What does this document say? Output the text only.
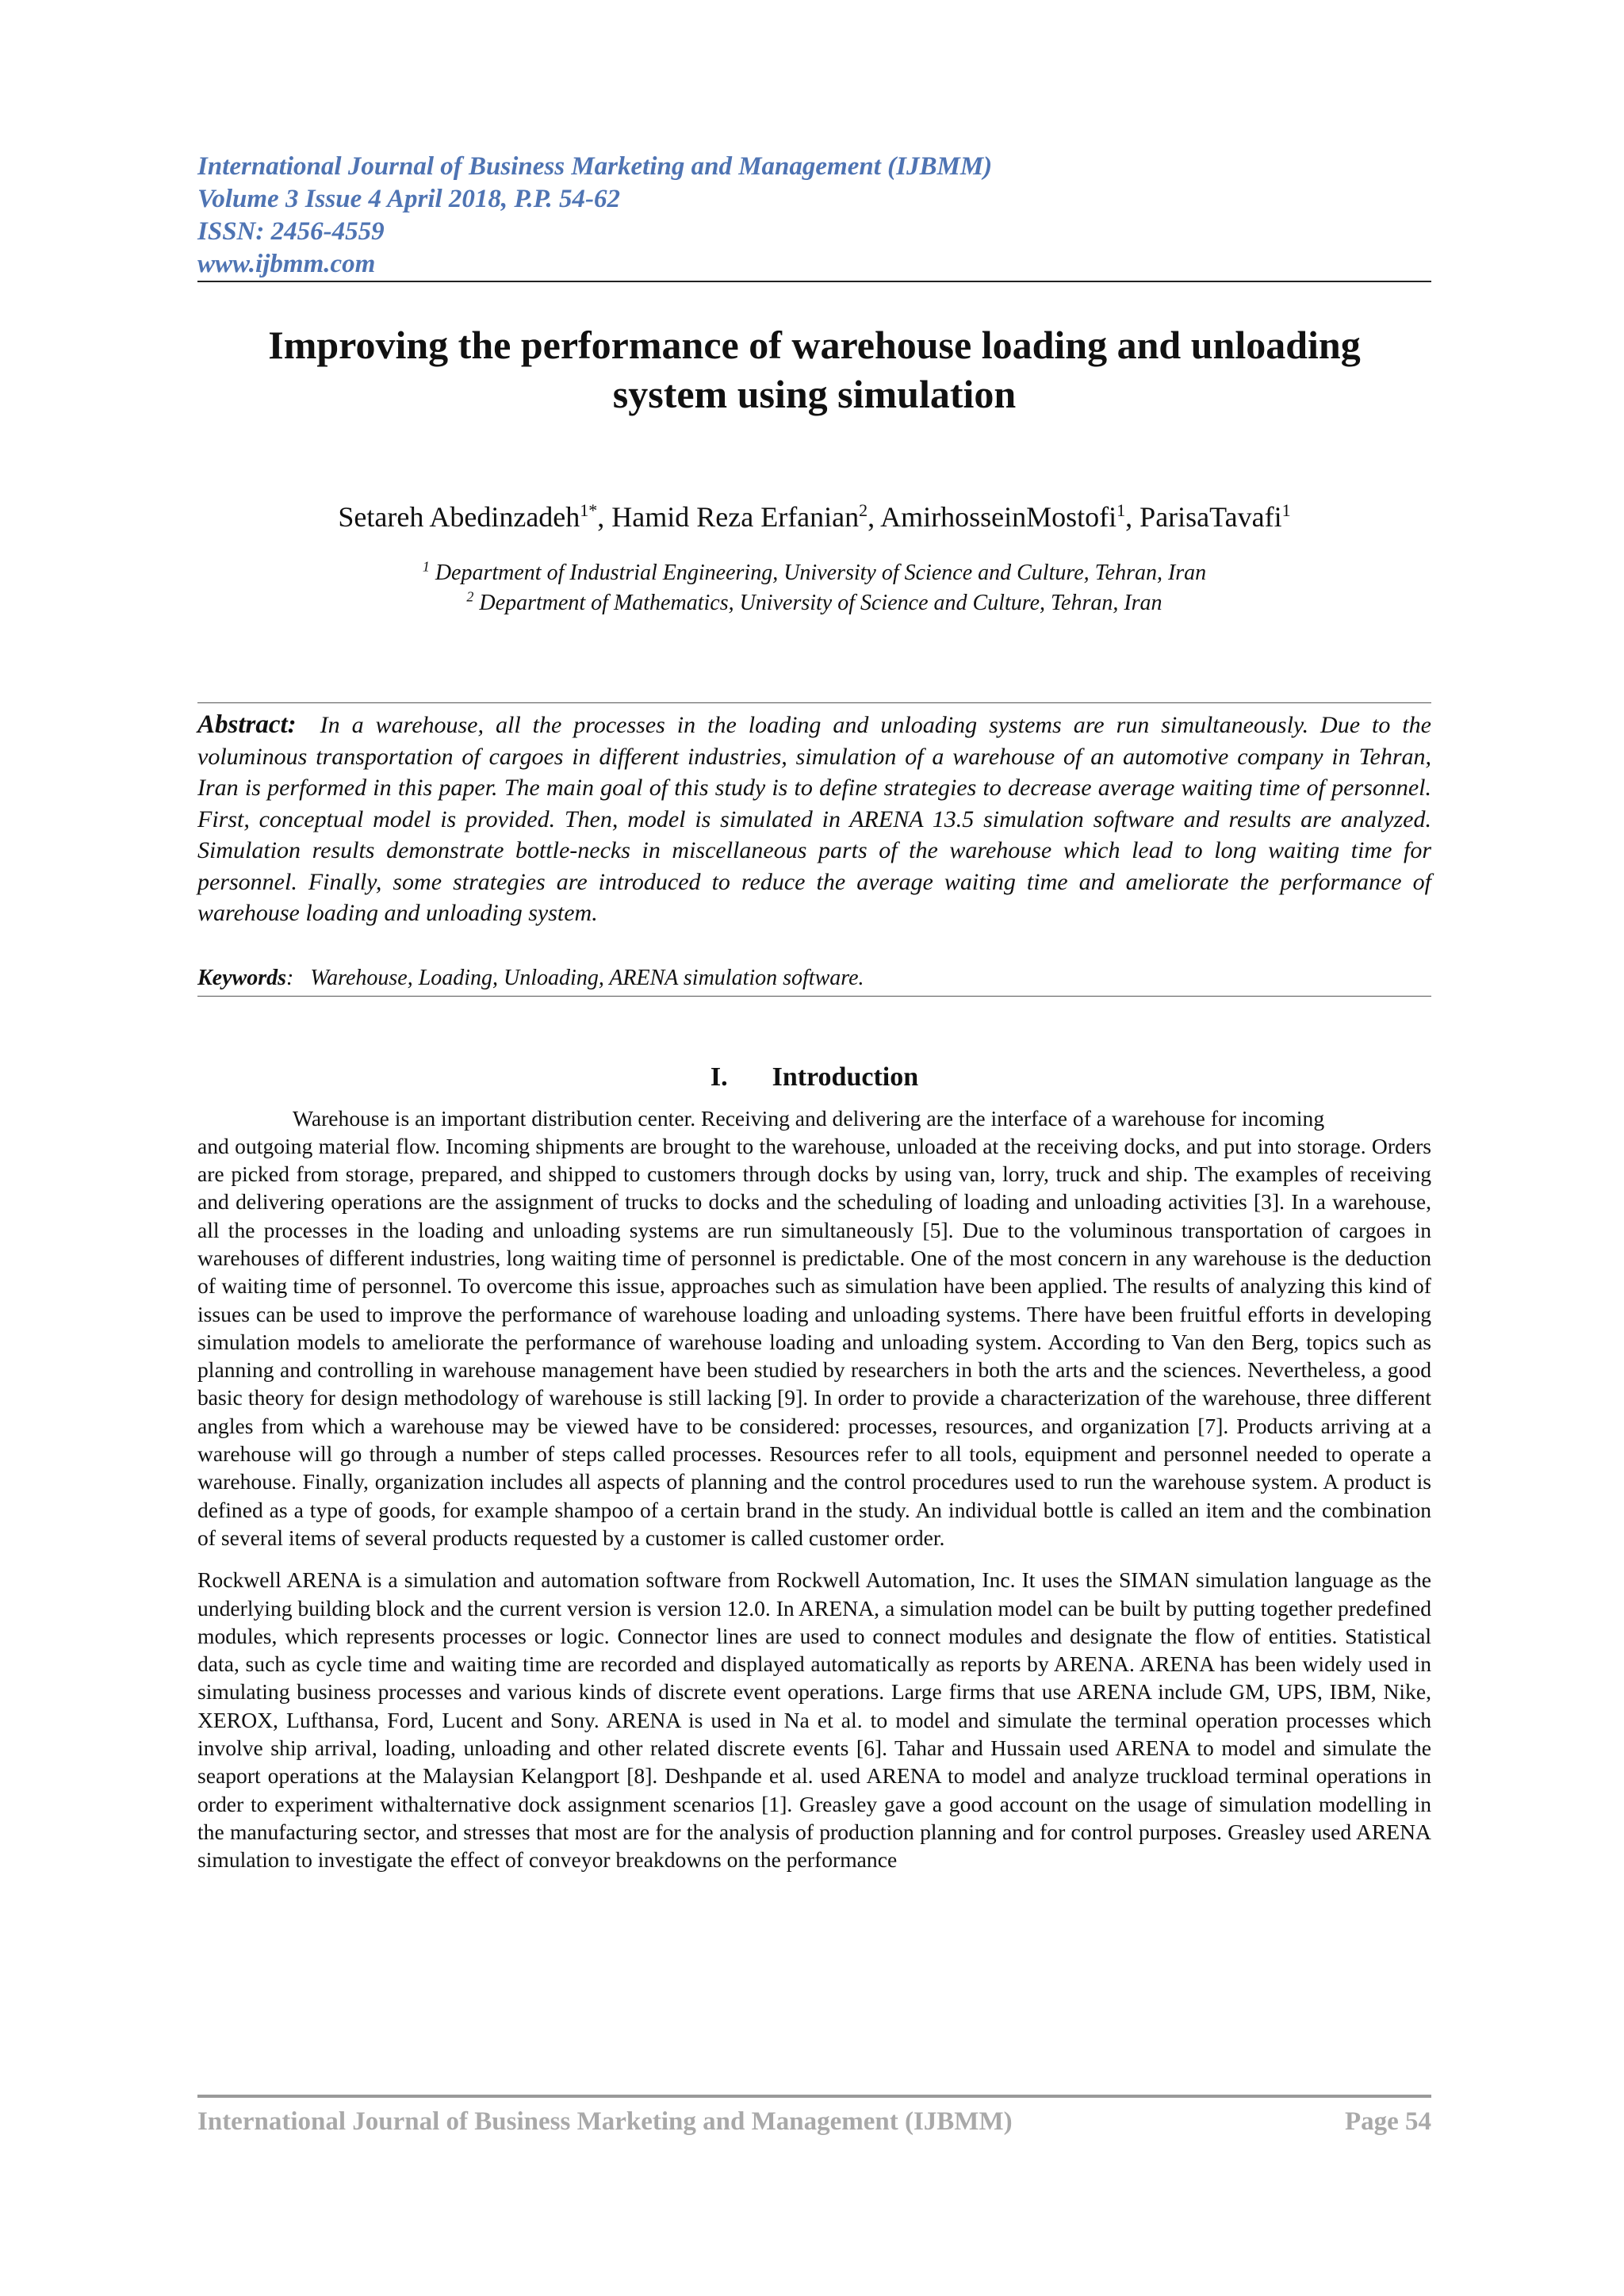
International Journal of Business Marketing and Management (IJBMM)
Volume 3 Issue 4 April 2018, P.P. 54-62
ISSN: 2456-4559
www.ijbmm.com
Improving the performance of warehouse loading and unloading
system using simulation
Setareh Abedinzadeh$^{1*}$, Hamid Reza Erfanian$^2$, AmirhosseinMostofi$^1$, ParisaTavafi$^1$
$^1$ Department of Industrial Engineering, University of Science and Culture, Tehran, Iran
$^2$ Department of Mathematics, University of Science and Culture, Tehran, Iran

Abstract: In a warehouse, all the processes in the loading and unloading systems are run simultaneously. Due to the voluminous transportation of cargoes in different industries, simulation of a warehouse of an automotive company in Tehran, Iran is performed in this paper. The main goal of this study is to define strategies to decrease average waiting time of personnel. First, conceptual model is provided. Then, model is simulated in ARENA 13.5 simulation software and results are analyzed. Simulation results demonstrate bottle-necks in miscellaneous parts of the warehouse which lead to long waiting time for personnel. Finally, some strategies are introduced to reduce the average waiting time and ameliorate the performance of warehouse loading and unloading system.

Keywords:   Warehouse, Loading, Unloading, ARENA simulation software.
I. Introduction

Warehouse is an important distribution center. Receiving and delivering are the interface of a warehouse for incoming
and outgoing material flow. Incoming shipments are brought to the warehouse, unloaded at the receiving docks, and put into storage. Orders are picked from storage, prepared, and shipped to customers through docks by using van, lorry, truck and ship. The examples of receiving and delivering operations are the assignment of trucks to docks and the scheduling of loading and unloading activities [3]. In a warehouse, all the processes in the loading and unloading systems are run simultaneously [5]. Due to the voluminous transportation of cargoes in warehouses of different industries, long waiting time of personnel is predictable. One of the most concern in any warehouse is the deduction of waiting time of personnel. To overcome this issue, approaches such as simulation have been applied. The results of analyzing this kind of issues can be used to improve the performance of warehouse loading and unloading systems. There have been fruitful efforts in developing simulation models to ameliorate the performance of warehouse loading and unloading system. According to Van den Berg, topics such as planning and controlling in warehouse management have been studied by researchers in both the arts and the sciences. Nevertheless, a good basic theory for design methodology of warehouse is still lacking [9]. In order to provide a characterization of the warehouse, three different angles from which a warehouse may be viewed have to be considered: processes, resources, and organization [7]. Products arriving at a warehouse will go through a number of steps called processes. Resources refer to all tools, equipment and personnel needed to operate a warehouse. Finally, organization includes all aspects of planning and the control procedures used to run the warehouse system. A product is defined as a type of goods, for example shampoo of a certain brand in the study. An individual bottle is called an item and the combination of several items of several products requested by a customer is called customer order.

Rockwell ARENA is a simulation and automation software from Rockwell Automation, Inc. It uses the SIMAN simulation language as the underlying building block and the current version is version 12.0. In ARENA, a simulation model can be built by putting together predefined modules, which represents processes or logic. Connector lines are used to connect modules and designate the flow of entities. Statistical data, such as cycle time and waiting time are recorded and displayed automatically as reports by ARENA. ARENA has been widely used in simulating business processes and various kinds of discrete event operations. Large firms that use ARENA include GM, UPS, IBM, Nike, XEROX, Lufthansa, Ford, Lucent and Sony. ARENA is used in Na et al. to model and simulate the terminal operation processes which involve ship arrival, loading, unloading and other related discrete events [6]. Tahar and Hussain used ARENA to model and simulate the seaport operations at the Malaysian Kelangport [8]. Deshpande et al. used ARENA to model and analyze truckload terminal operations in order to experiment withalternative dock assignment scenarios [1]. Greasley gave a good account on the usage of simulation modelling in the manufacturing sector, and stresses that most are for the analysis of production planning and for control purposes. Greasley used ARENA simulation to investigate the effect of conveyor breakdowns on the performance

International Journal of Business Marketing and Management (IJBMM)	Page 54
